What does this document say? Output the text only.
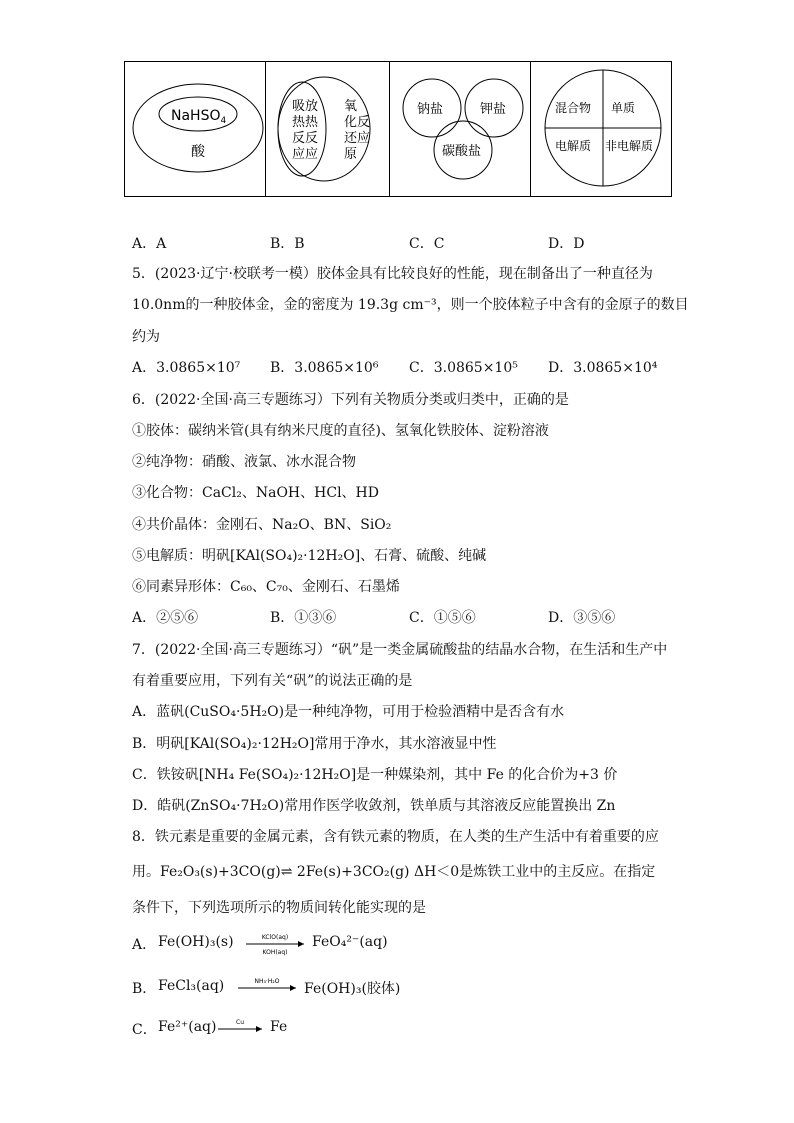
NaHSO$_4$
酸
吸放
热热
反反
应应
氧
化反
还应
原
钠盐	钾盐
碳酸盐
混合物 单质
电解质 非电解质
A．A	B．B	C．C	D．D
5．(2023·辽宁·校联考一模）胶体金具有比较良好的性能，现在制备出了一种直径为
10.0nm的一种胶体金，金的密度为 19.3g cm⁻³，则一个胶体粒子中含有的金原子的数目
约为
A．3.0865×10⁷ B．3.0865×10⁶ C．3.0865×10⁵ D．3.0865×10⁴
6．(2022·全国·高三专题练习）下列有关物质分类或归类中，正确的是
①胶体：碳纳米管(具有纳米尺度的直径)、氢氧化铁胶体、淀粉溶液
②纯净物：硝酸、液氯、冰水混合物
③化合物：CaCl₂、NaOH、HCl、HD
④共价晶体：金刚石、Na₂O、BN、SiO₂
⑤电解质：明矾[KAl(SO₄)₂·12H₂O]、石膏、硫酸、纯碱
⑥同素异形体：C₆₀、C₇₀、金刚石、石墨烯
A．②⑤⑥	B．①③⑥	C．①⑤⑥	D．③⑤⑥
7．(2022·全国·高三专题练习）“矾”是一类金属硫酸盐的结晶水合物，在生活和生产中
有着重要应用，下列有关“矾”的说法正确的是
A．蓝矾(CuSO₄·5H₂O)是一种纯净物，可用于检验酒精中是否含有水
B．明矾[KAl(SO₄)₂·12H₂O]常用于净水，其水溶液显中性
C．铁铵矾[NH₄ Fe(SO₄)₂·12H₂O]是一种媒染剂，其中 Fe 的化合价为+3 价
D．皓矾(ZnSO₄·7H₂O)常用作医学收敛剂，铁单质与其溶液反应能置换出 Zn
8．铁元素是重要的金属元素，含有铁元素的物质，在人类的生产生活中有着重要的应
用。Fe₂O₃(s)+3CO(g)⇌ 2Fe(s)+3CO₂(g) ΔH＜0是炼铁工业中的主反应。在指定
条件下，下列选项所示的物质间转化能实现的是
A． Fe(OH)₃(s)	KClO(aq)
KOH(aq)
FeO₄²⁻(aq)
B． FeCl₃(aq)	NH₃·H₂O Fe(OH)₃(胶体)
C． Fe²⁺(aq)	Cu Fe
